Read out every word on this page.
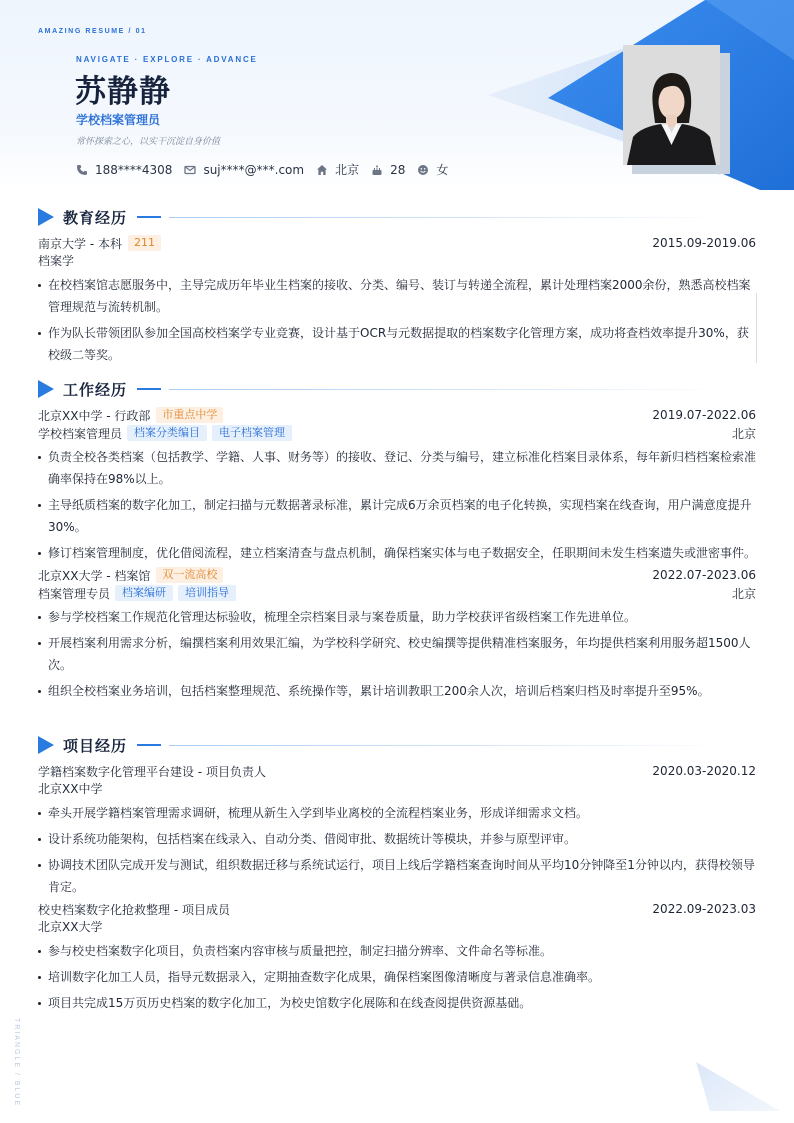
AMAZING RESUME / 01
NAVIGATE · EXPLORE · ADVANCE
苏静静
学校档案管理员
常怀探索之心，以实干沉淀自身价值
188****4308	suj****@***.com	北京	28	女
教育经历
南京大学 - 本科	211	2015.09-2019.06
档案学
在校档案馆志愿服务中，主导完成历年毕业生档案的接收、分类、编号、装订与转递全流程，累计处理档案2000余份，熟悉高校档案管理规范与流转机制。
作为队长带领团队参加全国高校档案学专业竞赛，设计基于OCR与元数据提取的档案数字化管理方案，成功将查档效率提升30%，获校级二等奖。
工作经历
北京XX中学 - 行政部	市重点中学	2019.07-2022.06
学校档案管理员	档案分类编目	电子档案管理	北京
负责全校各类档案（包括教学、学籍、人事、财务等）的接收、登记、分类与编号，建立标准化档案目录体系，每年新归档档案检索准确率保持在98%以上。
主导纸质档案的数字化加工，制定扫描与元数据著录标准，累计完成6万余页档案的电子化转换，实现档案在线查询，用户满意度提升30%。
修订档案管理制度，优化借阅流程，建立档案清查与盘点机制，确保档案实体与电子数据安全，任职期间未发生档案遗失或泄密事件。
北京XX大学 - 档案馆	双一流高校	2022.07-2023.06
档案管理专员	档案编研	培训指导	北京
参与学校档案工作规范化管理达标验收，梳理全宗档案目录与案卷质量，助力学校获评省级档案工作先进单位。
开展档案利用需求分析，编撰档案利用效果汇编，为学校科学研究、校史编撰等提供精准档案服务，年均提供档案利用服务超1500人次。
组织全校档案业务培训，包括档案整理规范、系统操作等，累计培训教职工200余人次，培训后档案归档及时率提升至95%。
项目经历
学籍档案数字化管理平台建设 - 项目负责人	2020.03-2020.12
北京XX中学
牵头开展学籍档案管理需求调研，梳理从新生入学到毕业离校的全流程档案业务，形成详细需求文档。
设计系统功能架构，包括档案在线录入、自动分类、借阅审批、数据统计等模块，并参与原型评审。
协调技术团队完成开发与测试，组织数据迁移与系统试运行，项目上线后学籍档案查询时间从平均10分钟降至1分钟以内，获得校领导肯定。
校史档案数字化抢救整理 - 项目成员	2022.09-2023.03
北京XX大学
参与校史档案数字化项目，负责档案内容审核与质量把控，制定扫描分辨率、文件命名等标准。
培训数字化加工人员，指导元数据录入，定期抽查数字化成果，确保档案图像清晰度与著录信息准确率。
项目共完成15万页历史档案的数字化加工，为校史馆数字化展陈和在线查阅提供资源基础。
TRIANGLE / BLUE
